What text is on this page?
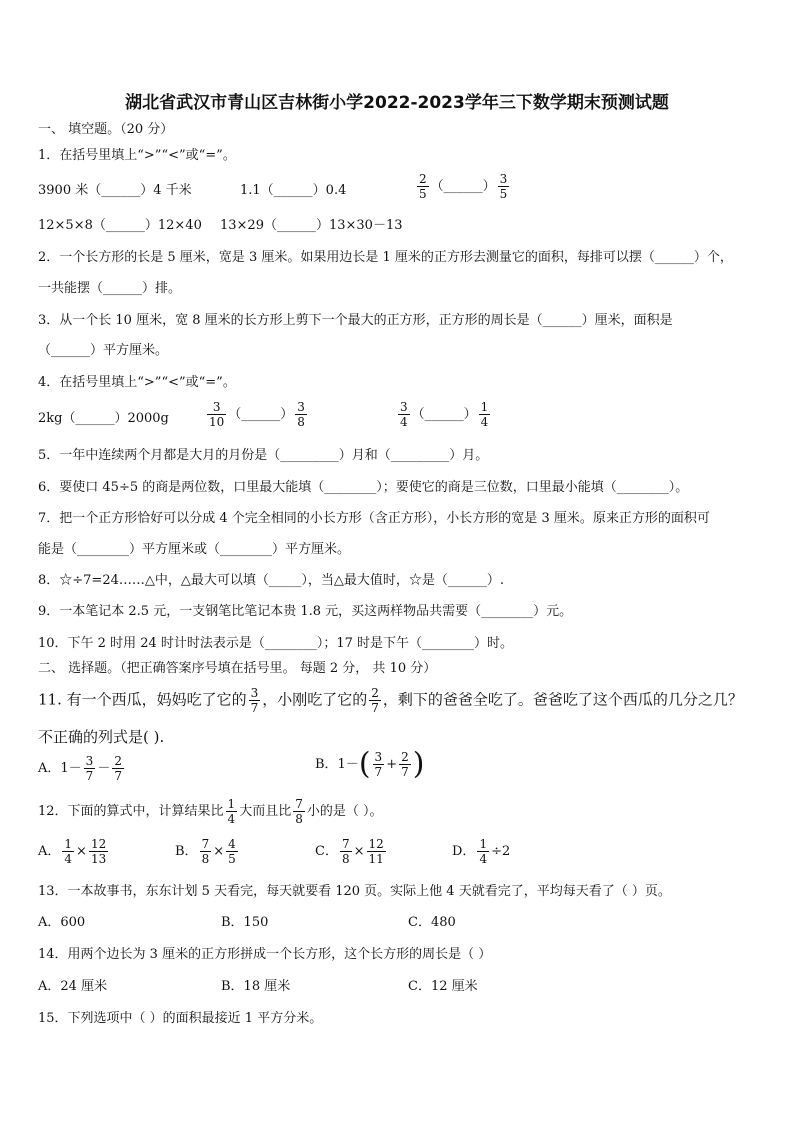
湖北省武汉市青山区吉林街小学2022-2023学年三下数学期末预测试题
一、 填空题。（20 分）
1．在括号里填上“>”“<”或“=”。
3900 米（______）4 千米	1.1（______）0.4	$\frac{2}{5}$ （______） $\frac{3}{5}$
12×5×8（______）12×40 13×29（______）13×30－13
2．一个长方形的长是 5 厘米，宽是 3 厘米。如果用边长是 1 厘米的正方形去测量它的面积，每排可以摆（______）个，
一共能摆（______）排。
3．从一个长 10 厘米，宽 8 厘米的长方形上剪下一个最大的正方形，正方形的周长是（______）厘米，面积是
（______）平方厘米。
4．在括号里填上“>”“<”或“=”。
2kg（______）2000g	$\frac{3}{10}$ （______） $\frac{3}{8}$	$\frac{3}{4}$ （______） $\frac{1}{4}$
5．一年中连续两个月都是大月的月份是（_________）月和（_________）月。
6．要使口 45÷5 的商是两位数，口里最大能填（________）；要使它的商是三位数，口里最小能填（________）。
7．把一个正方形恰好可以分成 4 个完全相同的小长方形（含正方形），小长方形的宽是 3 厘米。原来正方形的面积可
能是（________）平方厘米或（________）平方厘米。
8．☆÷7=24……△中，△最大可以填（_____），当△最大值时，☆是（______）.
9．一本笔记本 2.5 元，一支钢笔比笔记本贵 1.8 元，买这两样物品共需要（________）元。
10．下午 2 时用 24 时计时法表示是（________）；17 时是下午（________）时。
二、 选择题。（把正确答案序号填在括号里。 每题 2 分， 共 10 分）
11. 有一个西瓜，妈妈吃了它的 $\frac{3}{7}$ ，小刚吃了它的 $\frac{2}{7}$ ，剩下的爸爸全吃了。爸爸吃了这个西瓜的几分之几？
不正确的列式是( ).
A．$1- \frac{3}{7} - \frac{2}{7}$	B．$1-( \frac{3}{7} + \frac{2}{7}$ )
12．下面的算式中，计算结果比 $\frac{1}{4}$ 大而且比 $\frac{7}{8}$ 小的是（ ）。
A． $\frac{1}{4} \times \frac{12}{13}$	B． $\frac{7}{8} \times \frac{4}{5}$	C． $\frac{7}{8} \times \frac{12}{11}$	D． $\frac{1}{4} \div 2$
13．一本故事书，东东计划 5 天看完，每天就要看 120 页。实际上他 4 天就看完了，平均每天看了（ ）页。
A．600	B．150	C．480
14．用两个边长为 3 厘米的正方形拼成一个长方形，这个长方形的周长是（ ）
A．24 厘米	B．18 厘米	C．12 厘米
15．下列选项中（ ）的面积最接近 1 平方分米。
